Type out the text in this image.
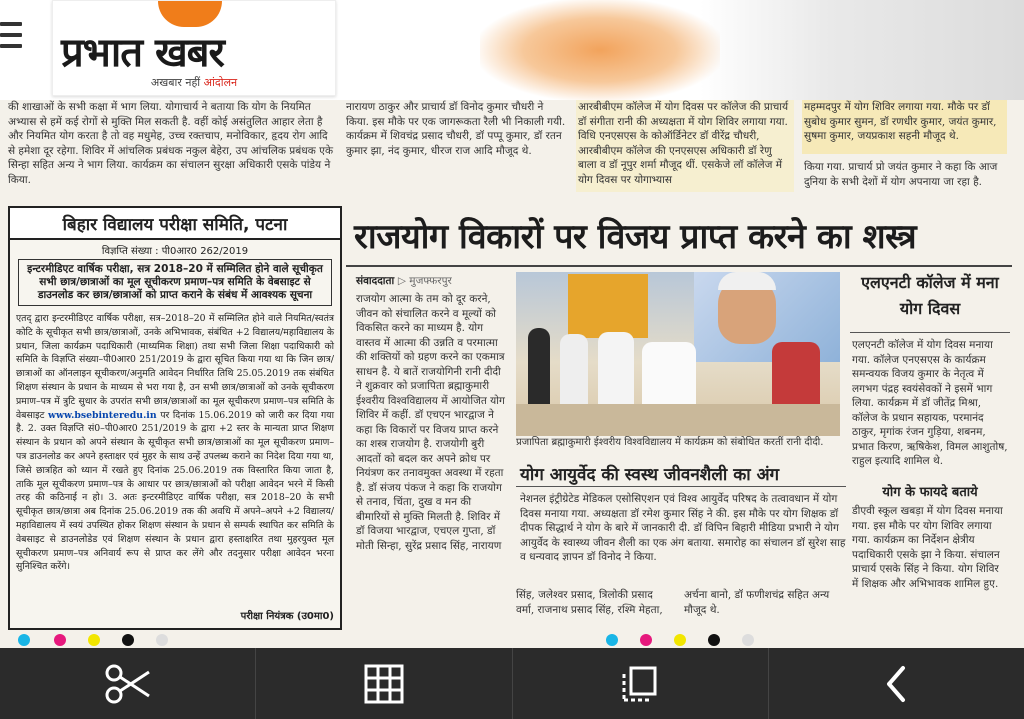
प्रभात खबर
अखबार नहीं आंदोलन

की शाखाओं के सभी कक्षा में भाग लिया. योगाचार्य ने बताया कि योग के नियमित अभ्यास से हमें कई रोगों से मुक्ति मिल सकती है. वहीं कोई असंतुलित आहार लेता है और नियमित योग करता है तो वह मधुमेह, उच्च रक्तचाप, मनोविकार, हृदय रोग आदि से हमेशा दूर रहेगा. शिविर में आंचलिक प्रबंधक नकुल बेहेरा, उप आंचलिक प्रबंधक एके सिन्हा सहित अन्य ने भाग लिया. कार्यक्रम का संचालन सुरक्षा अधिकारी एसके पांडेय ने किया.

नारायण ठाकुर और प्राचार्य डॉ विनोद कुमार चौधरी ने किया. इस मौके पर एक जागरूकता रैली भी निकाली गयी. कार्यक्रम में शिवचंद्र प्रसाद चौधरी, डॉ पप्पू कुमार, डॉ रतन कुमार झा, नंद कुमार, धीरज राज आदि मौजूद थे.

आरबीबीएम कॉलेज में योग दिवस पर कॉलेज की प्राचार्य डॉ संगीता रानी की अध्यक्षता में योग शिविर लगाया गया. विधि एनएसएस के कोऑर्डिनेटर डॉ वीरेंद्र चौधरी, आरबीबीएम कॉलेज की एनएसएस अधिकारी डॉ रेणु बाला व डॉ नूपुर शर्मा मौजूद थीं. एसकेजे लॉ कॉलेज में योग दिवस पर योगाभ्यास

महम्मदपुर में योग शिविर लगाया गया. मौके पर डॉ सुबोध कुमार सुमन, डॉ रणधीर कुमार, जयंत कुमार, सुषमा कुमार, जयप्रकाश सहनी मौजूद थे.

किया गया. प्राचार्य प्रो जयंत कुमार ने कहा कि आज दुनिया के सभी देशों में योग अपनाया जा रहा है.

बिहार विद्यालय परीक्षा समिति, पटना
विज्ञप्ति संख्या : पी0आर0 262/2019
इन्टरमीडिएट वार्षिक परीक्षा, सत्र 2018–20 में सम्मिलित होने वाले सूचीकृत सभी छात्र/छात्राओं का मूल सूचीकरण प्रमाण–पत्र समिति के वेबसाइट से डाउनलोड कर छात्र/छात्राओं को प्राप्त कराने के संबंध में आवश्यक सूचना
एतद् द्वारा इन्टरमीडिएट वार्षिक परीक्षा, सत्र–2018–20 में सम्मिलित होने वाले नियमित/स्वतंत्र कोटि के सूचीकृत सभी छात्र/छात्राओं, उनके अभिभावक, संबंधित +2 विद्यालय/महाविद्यालय के प्रधान, जिला कार्यक्रम पदाधिकारी (माध्यमिक शिक्षा) तथा सभी जिला शिक्षा पदाधिकारी को समिति के विज्ञप्ति संख्या–पी0आर0 251/2019 के द्वारा सूचित किया गया था कि जिन छात्र/छात्राओं का ऑनलाइन सूचीकरण/अनुमति आवेदन निर्धारित तिथि 25.05.2019 तक संबंधित शिक्षण संस्थान के प्रधान के माध्यम से भरा गया है, उन सभी छात्र/छात्राओं को उनके सूचीकरण प्रमाण–पत्र में त्रुटि सुधार के उपरांत सभी छात्र/छात्राओं का मूल सूचीकरण प्रमाण–पत्र समिति के वेबसाइट www.bsebinteredu.in पर दिनांक 15.06.2019 को जारी कर दिया गया है. 2. उक्त विज्ञप्ति सं0–पी0आर0 251/2019 के द्वारा +2 स्तर के मान्यता प्राप्त शिक्षण संस्थान के प्रधान को अपने संस्थान के सूचीकृत सभी छात्र/छात्राओं का मूल सूचीकरण प्रमाण–पत्र डाउनलोड कर अपने हस्ताक्षर एवं मुहर के साथ उन्हें उपलब्ध कराने का निदेश दिया गया था, जिसे छात्रहित को ध्यान में रखते हुए दिनांक 25.06.2019 तक विस्तारित किया जाता है, ताकि मूल सूचीकरण प्रमाण–पत्र के आधार पर छात्र/छात्राओं को परीक्षा आवेदन भरने में किसी तरह की कठिनाई न हो। 3. अतः इन्टरमीडिएट वार्षिक परीक्षा, सत्र 2018–20 के सभी सूचीकृत छात्र/छात्रा अब दिनांक 25.06.2019 तक की अवधि में अपने–अपने +2 विद्यालय/महाविद्यालय में स्वयं उपस्थित होकर शिक्षण संस्थान के प्रधान से सम्पर्क स्थापित कर समिति के वेबसाइट से डाउनलोडेड एवं शिक्षण संस्थान के प्रधान द्वारा हस्ताक्षरित तथा मुहरयुक्त मूल सूचीकरण प्रमाण–पत्र अनिवार्य रूप से प्राप्त कर लेंगे और तदनुसार परीक्षा आवेदन भरना सुनिश्चित करेंगे।
परीक्षा नियंत्रक (उ0मा0)
राजयोग विकारों पर विजय प्राप्त करने का शस्त्र
संवाददाता ▷ मुजफ्फरपुर

राजयोग आत्मा के तम को दूर करने, जीवन को संचालित करने व मूल्यों को विकसित करने का माध्यम है. योग वास्तव में आत्मा की उन्नति व परमात्मा की शक्तियों को ग्रहण करने का एकमात्र साधन है. ये बातें राजयोगिनी रानी दीदी ने शुक्रवार को प्रजापिता ब्रह्माकुमारी ईश्वरीय विश्वविद्यालय में आयोजित योग शिविर में कहीं. डॉ एचएन भारद्वाज ने कहा कि विकारों पर विजय प्राप्त करने का शस्त्र राजयोग है. राजयोगी बुरी आदतों को बदल कर अपने क्रोध पर नियंत्रण कर तनावमुक्त अवस्था में रहता है. डॉ संजय पंकज ने कहा कि राजयोग से तनाव, चिंता, दुख व मन की बीमारियों से मुक्ति मिलती है. शिविर में डॉ विजया भारद्वाज, एचएल गुप्ता, डॉ मोती सिन्हा, सुरेंद्र प्रसाद सिंह, नारायण

प्रजापिता ब्रह्माकुमारी ईश्वरीय विश्वविद्यालय में कार्यक्रम को संबोधित करतीं रानी दीदी.
योग आयुर्वेद की स्वस्थ जीवनशैली का अंग

नेशनल इंट्रीग्रेटेड मेडिकल एसोसिएशन एवं विश्व आयुर्वेद परिषद के तत्वावधान में योग दिवस मनाया गया. अध्यक्षता डॉ रमेश कुमार सिंह ने की. इस मौके पर योग शिक्षक डॉ दीपक सिद्धार्थ ने योग के बारे में जानकारी दी. डॉ विपिन बिहारी मीडिया प्रभारी ने योग आयुर्वेद के स्वास्थ्य जीवन शैली का एक अंग बताया. समारोह का संचालन डॉ सुरेश साह व धन्यवाद ज्ञापन डॉ विनोद ने किया.

सिंह, जलेश्वर प्रसाद, त्रिलोकी प्रसाद वर्मा, राजनाथ प्रसाद सिंह, रश्मि मेहता,

अर्चना बानो, डॉ फणीशचंद्र सहित अन्य मौजूद थे.

एलएनटी कॉलेज में मना योग दिवस

एलएनटी कॉलेज में योग दिवस मनाया गया. कॉलेज एनएसएस के कार्यक्रम समन्वयक विजय कुमार के नेतृत्व में लगभग पंद्रह स्वयंसेवकों ने इसमें भाग लिया. कार्यक्रम में डॉ जीतेंद्र मिश्रा, कॉलेज के प्रधान सहायक, परमानंद ठाकुर, मृगांक रंजन गुड़िया, शबनम, प्रभात किरण, ऋषिकेश, विमल आशुतोष, राहुल इत्यादि शामिल थे.

योग के फायदे बताये

डीएवी स्कूल खबड़ा में योग दिवस मनाया गया. इस मौके पर योग शिविर लगाया गया. कार्यक्रम का निर्देशन क्षेत्रीय पदाधिकारी एसके झा ने किया. संचालन प्राचार्य एसके सिंह ने किया. योग शिविर में शिक्षक और अभिभावक शामिल हुए.
